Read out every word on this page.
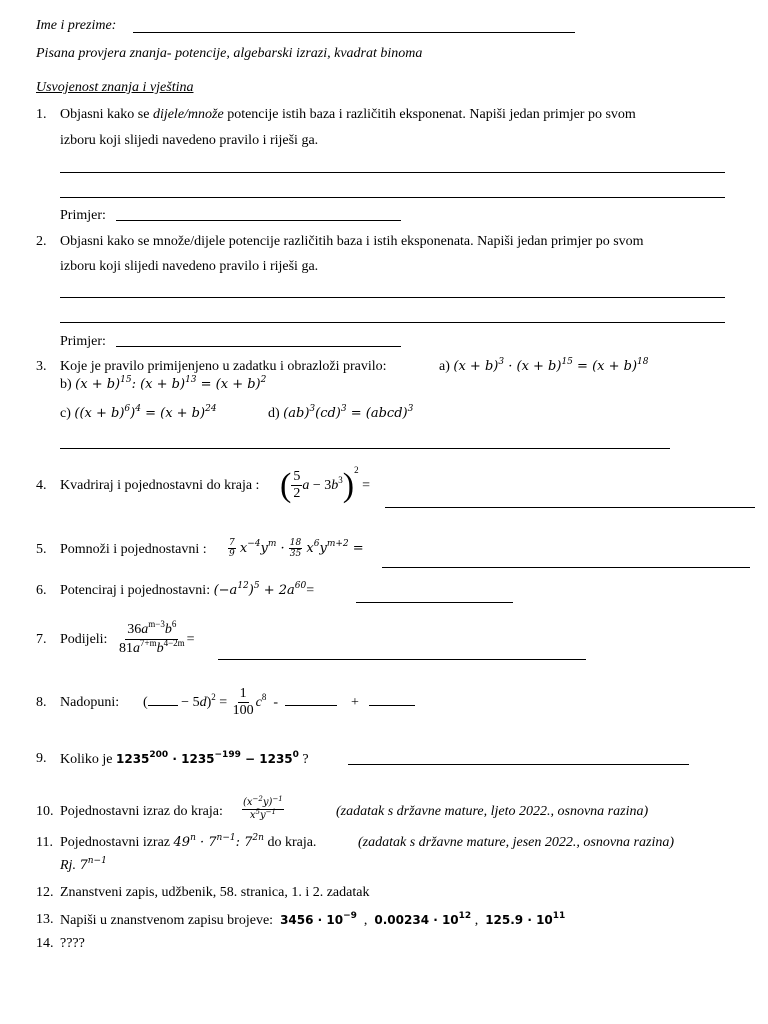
Ime i prezime:
Pisana provjera znanja- potencije, algebarski izrazi, kvadrat binoma
Usvojenost znanja i vještina
1. Objasni kako se dijele/množe potencije istih baza i različitih eksponenat. Napiši jedan primjer po svom
izboru koji slijedi navedeno pravilo i riješi ga.
Primjer:
2. Objasni kako se množe/dijele potencije različitih baza i istih eksponenata. Napiši jedan primjer po svom
izboru koji slijedi navedeno pravilo i riješi ga.
Primjer:
3. Koje je pravilo primijenjeno u zadatku i obrazloži pravilo:	a) $(x + b)^3 \cdot (x + b)^{15} = (x + b)^{18}$
b) $(x + b)^{15}$: $(x + b)^{13} = (x + b)^2$
c) $((x + b)^6)^4 = (x + b)^{24}$	d) (ab)$^3$(cd)$^3$ = (abcd)$^3$
4. Kvadriraj i pojednostavni do kraja : ( $\frac{5}{2}$ $a - 3b^3)^2$ =
5. Pomnoži i pojednostavni : $\frac{7}{9} x^{-4}y^m \cdot \frac{18}{35} x^6y^{m+2}$ =
6. Potenciraj i pojednostavni: $(-a^{12})^5 + 2a^{60}=$
7. Podijeli: $\frac{36a^{m-3}b^6}{81a^{7+m}b^{4-2m}}$ =
8. Nadopuni: ( − $5d)^2 = \frac{1}{100} c^8$ -	+
9. Koliko je $1235^{200} \cdot 1235^{-199} - 1235^0$ ?
10. Pojednostavni izraz do kraja: $\frac{(x^{-2}y)^{-1}}{x^5y^{-1}}$	(zadatak s državne mature, ljeto 2022., osnovna razina)
11. Pojednostavni izraz $49^n \cdot 7^{n-1}$: $7^{2n}$ do kraja.	(zadatak s državne mature, jesen 2022., osnovna razina)
Rj. $7^{n-1}$
12. Znanstveni zapis, udžbenik, 58. stranica, 1. i 2. zadatak
13. Napiši u znanstvenom zapisu brojeve: $3456 \cdot 10^{-9}$ , $0.00234 \cdot 10^{12}$ , $125.9 \cdot 10^{11}$
14. ????
